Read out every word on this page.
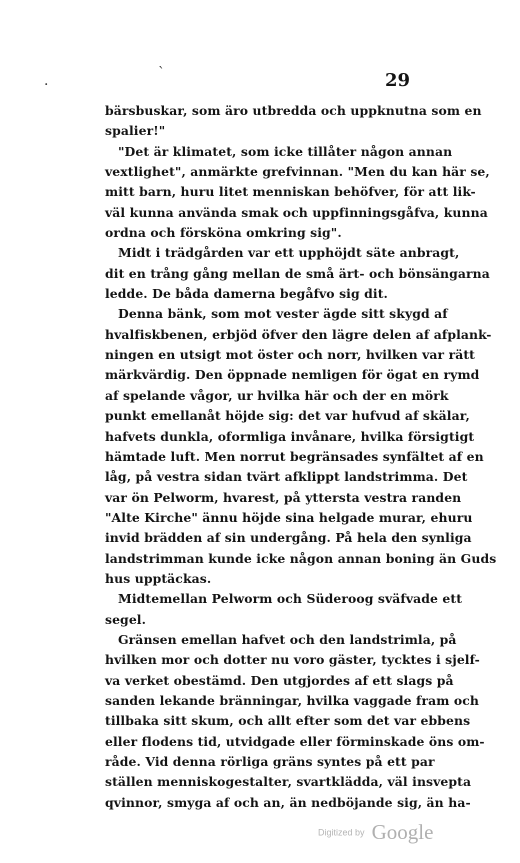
·
`	29
bärsbuskar, som äro utbredda och uppknutna som en
spalier!"
"Det är klimatet, som icke tillåter någon annan
vextlighet", anmärkte grefvinnan. "Men du kan här se,
mitt barn, huru litet menniskan behöfver, för att lik-
väl kunna använda smak och uppfinningsgåfva, kunna
ordna och försköna omkring sig".
Midt i trädgården var ett upphöjdt säte anbragt,
dit en trång gång mellan de små ärt- och bönsängarna
ledde. De båda damerna begåfvo sig dit.
Denna bänk, som mot vester ägde sitt skygd af
hvalfiskbenen, erbjöd öfver den lägre delen af afplank-
ningen en utsigt mot öster och norr, hvilken var rätt
märkvärdig. Den öppnade nemligen för ögat en rymd
af spelande vågor, ur hvilka här och der en mörk
punkt emellanåt höjde sig: det var hufvud af skälar,
hafvets dunkla, oformliga invånare, hvilka försigtigt
hämtade luft. Men norrut begränsades synfältet af en
låg, på vestra sidan tvärt afklippt landstrimma. Det
var ön Pelworm, hvarest, på yttersta vestra randen
"Alte Kirche" ännu höjde sina helgade murar, ehuru
invid brädden af sin undergång. På hela den synliga
landstrimman kunde icke någon annan boning än Guds
hus upptäckas.
Midtemellan Pelworm och Süderoog sväfvade ett
segel.
Gränsen emellan hafvet och den landstrimla, på
hvilken mor och dotter nu voro gäster, tycktes i sjelf-
va verket obestämd. Den utgjordes af ett slags på
sanden lekande bränningar, hvilka vaggade fram och
tillbaka sitt skum, och allt efter som det var ebbens
eller flodens tid, utvidgade eller förminskade öns om-
råde. Vid denna rörliga gräns syntes på ett par
ställen menniskogestalter, svartklädda, väl insvepta
qvinnor, smyga af och an, än nedböjande sig, än ha-
Digitized by Google
